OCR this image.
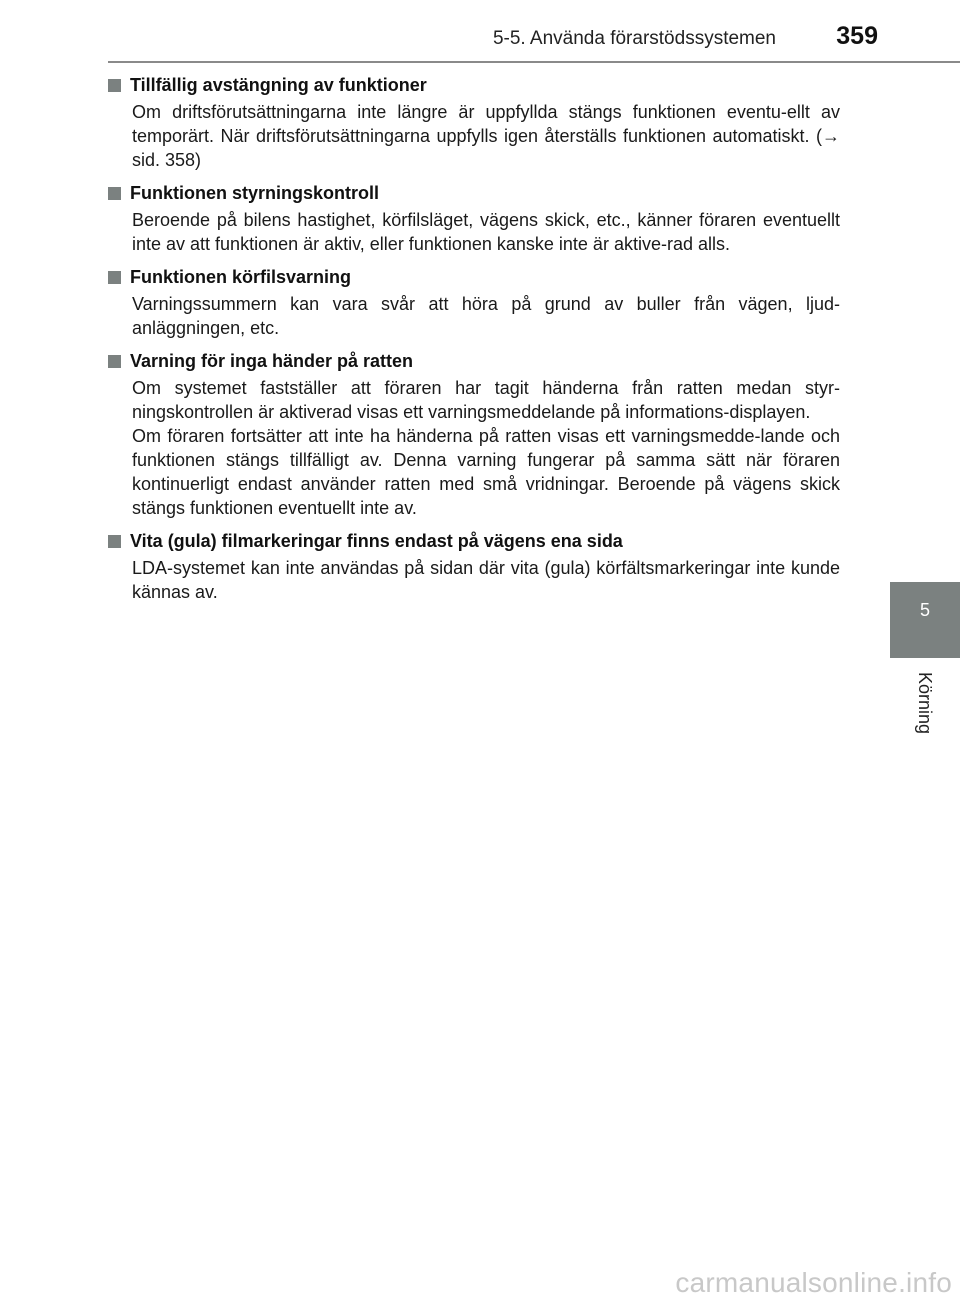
5-5. Använda förarstödssystemen 359
5
Körning
Tillfällig avstängning av funktioner

Om driftsförutsättningarna inte längre är uppfyllda stängs funktionen eventu-ellt av temporärt. När driftsförutsättningarna uppfylls igen återställs funktionen automatiskt. (→ sid. 358)

Funktionen styrningskontroll

Beroende på bilens hastighet, körfilsläget, vägens skick, etc., känner föraren eventuellt inte av att funktionen är aktiv, eller funktionen kanske inte är aktive-rad alls.

Funktionen körfilsvarning

Varningssummern kan vara svår att höra på grund av buller från vägen, ljud-anläggningen, etc.

Varning för inga händer på ratten

Om systemet fastställer att föraren har tagit händerna från ratten medan styr-ningskontrollen är aktiverad visas ett varningsmeddelande på informations-displayen.

Om föraren fortsätter att inte ha händerna på ratten visas ett varningsmedde-lande och funktionen stängs tillfälligt av. Denna varning fungerar på samma sätt när föraren kontinuerligt endast använder ratten med små vridningar. Beroende på vägens skick stängs funktionen eventuellt inte av.

Vita (gula) filmarkeringar finns endast på vägens ena sida

LDA-systemet kan inte användas på sidan där vita (gula) körfältsmarkeringar inte kunde kännas av.

carmanualsonline.info
